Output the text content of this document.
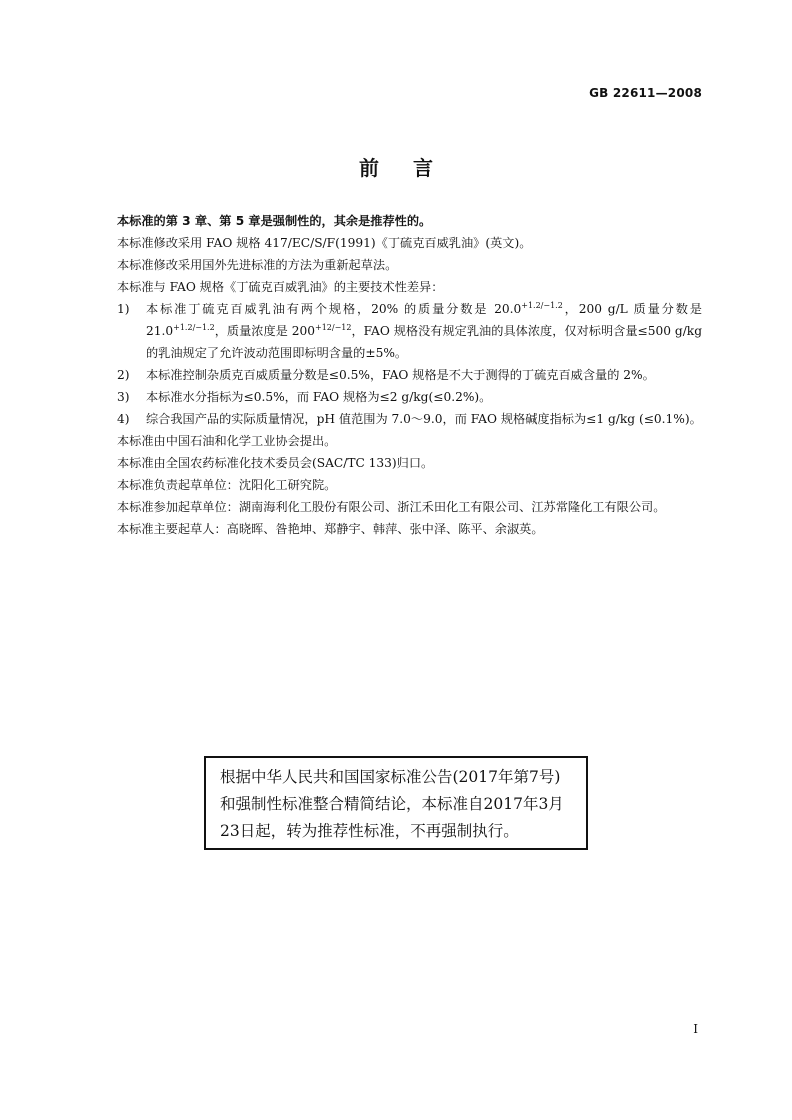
GB 22611—2008
前言

本标准的第 3 章、第 5 章是强制性的，其余是推荐性的。

本标准修改采用 FAO 规格 417/EC/S/F(1991)《丁硫克百威乳油》(英文)。

本标准修改采用国外先进标准的方法为重新起草法。

本标准与 FAO 规格《丁硫克百威乳油》的主要技术性差异：

1)	本标准丁硫克百威乳油有两个规格，20% 的质量分数是 $20.0^{+1.2/-1.2}$，200 g/L 质量分数是 $21.0^{+1.2/-1.2}$，质量浓度是 $200^{+12/-12}$，FAO 规格没有规定乳油的具体浓度，仅对标明含量≤500 g/kg 的乳油规定了允许波动范围即标明含量的±5%。
2)	本标准控制杂质克百威质量分数是≤0.5%，FAO 规格是不大于测得的丁硫克百威含量的 2%。
3)	本标准水分指标为≤0.5%，而 FAO 规格为≤2 g/kg(≤0.2%)。
4)	综合我国产品的实际质量情况，pH 值范围为 7.0～9.0，而 FAO 规格碱度指标为≤1 g/kg (≤0.1%)。

本标准由中国石油和化学工业协会提出。

本标准由全国农药标准化技术委员会(SAC/TC 133)归口。

本标准负责起草单位：沈阳化工研究院。

本标准参加起草单位：湖南海利化工股份有限公司、浙江禾田化工有限公司、江苏常隆化工有限公司。

本标准主要起草人：高晓晖、昝艳坤、郑静宇、韩萍、张中泽、陈平、余淑英。

根据中华人民共和国国家标准公告(2017年第7号)和强制性标准整合精简结论，本标准自2017年3月23日起，转为推荐性标准，不再强制执行。
I
